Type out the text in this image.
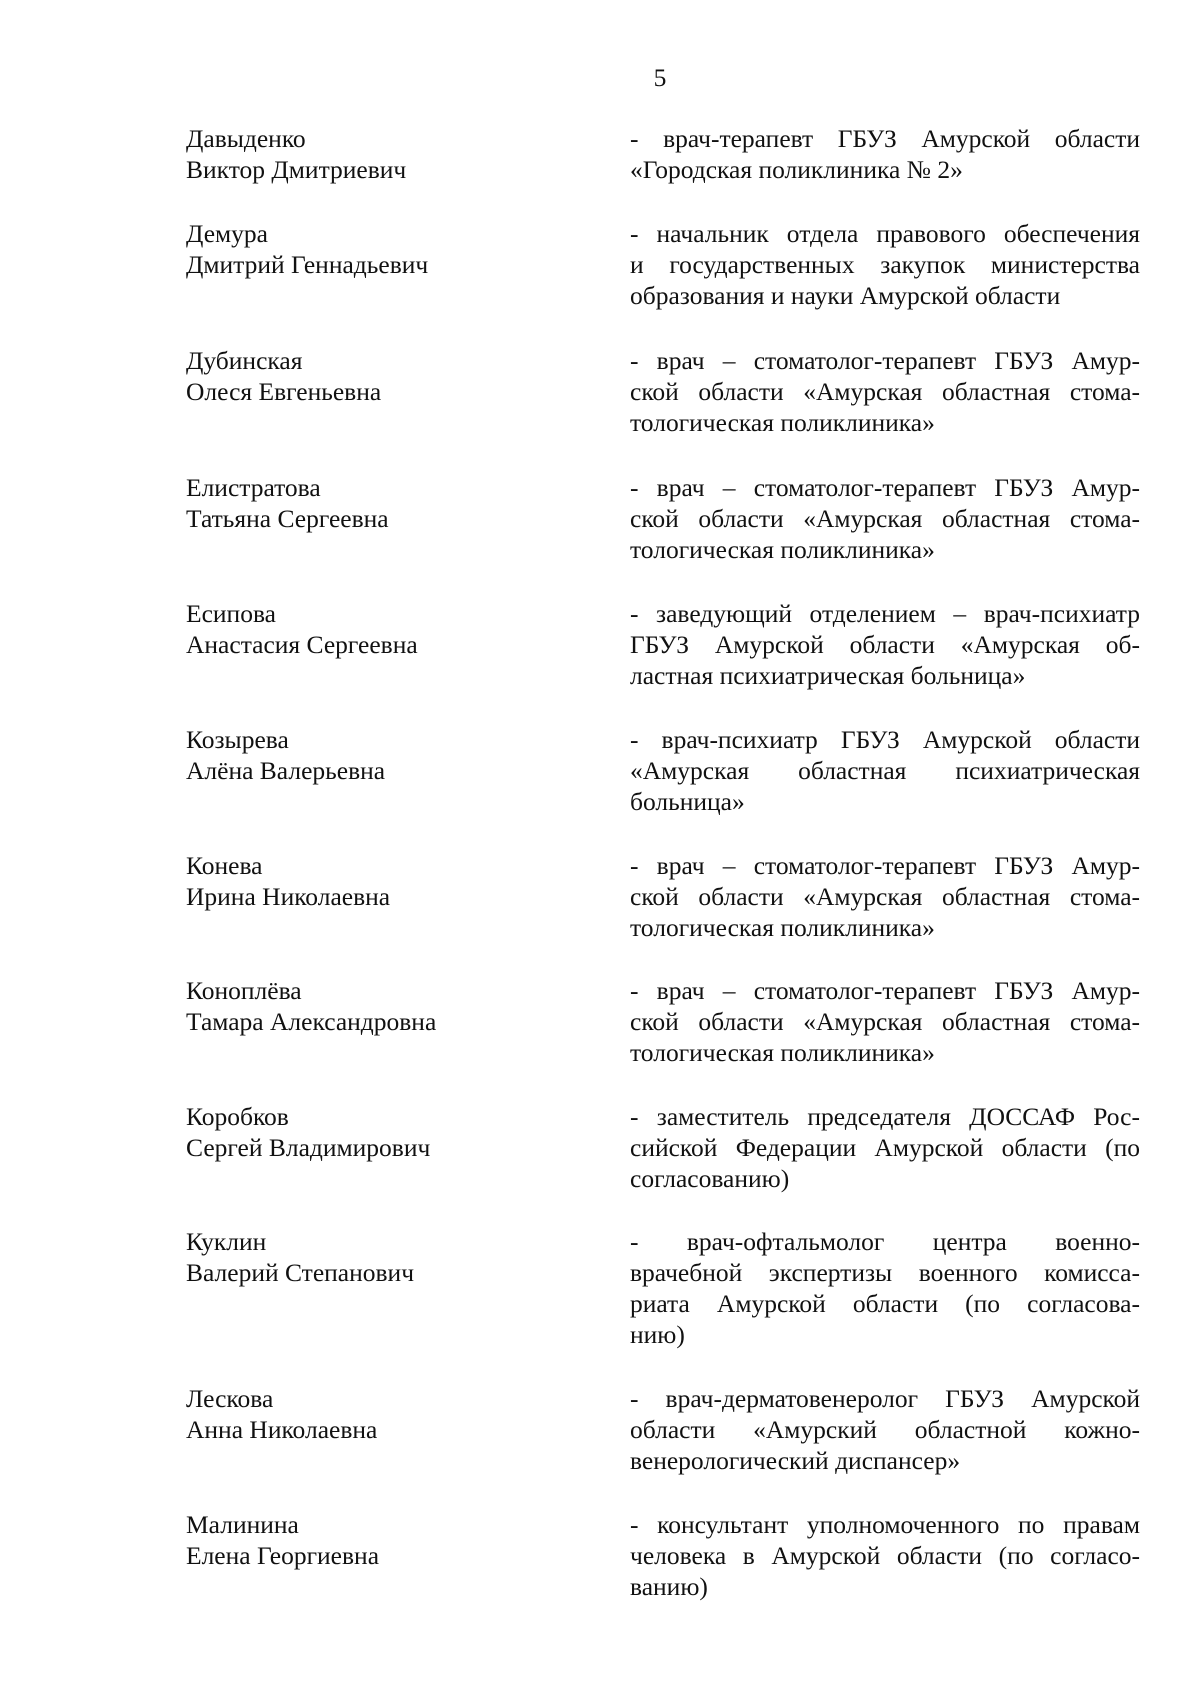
5
Давыденко
Виктор Дмитриевич
- врач-терапевт ГБУЗ Амурской области
«Городская поликлиника № 2»
Демура
Дмитрий Геннадьевич
- начальник отдела правового обеспечения
и государственных закупок министерства
образования и науки Амурской области
Дубинская
Олеся Евгеньевна
- врач – стоматолог-терапевт ГБУЗ Амур-
ской области «Амурская областная стома-
тологическая поликлиника»
Елистратова
Татьяна Сергеевна
- врач – стоматолог-терапевт ГБУЗ Амур-
ской области «Амурская областная стома-
тологическая поликлиника»
Есипова
Анастасия Сергеевна
- заведующий отделением – врач-психиатр
ГБУЗ Амурской области «Амурская об-
ластная психиатрическая больница»
Козырева
Алёна Валерьевна
- врач-психиатр ГБУЗ Амурской области
«Амурская областная психиатрическая
больница»
Конева
Ирина Николаевна
- врач – стоматолог-терапевт ГБУЗ Амур-
ской области «Амурская областная стома-
тологическая поликлиника»
Коноплёва
Тамара Александровна
- врач – стоматолог-терапевт ГБУЗ Амур-
ской области «Амурская областная стома-
тологическая поликлиника»
Коробков
Сергей Владимирович
- заместитель председателя ДОССАФ Рос-
сийской Федерации Амурской области (по
согласованию)
Куклин
Валерий Степанович
- врач-офтальмолог центра военно-
врачебной экспертизы военного комисса-
риата Амурской области (по согласова-
нию)
Лескова
Анна Николаевна
- врач-дерматовенеролог ГБУЗ Амурской
области «Амурский областной кожно-
венерологический диспансер»
Малинина
Елена Георгиевна
- консультант уполномоченного по правам
человека в Амурской области (по согласо-
ванию)
